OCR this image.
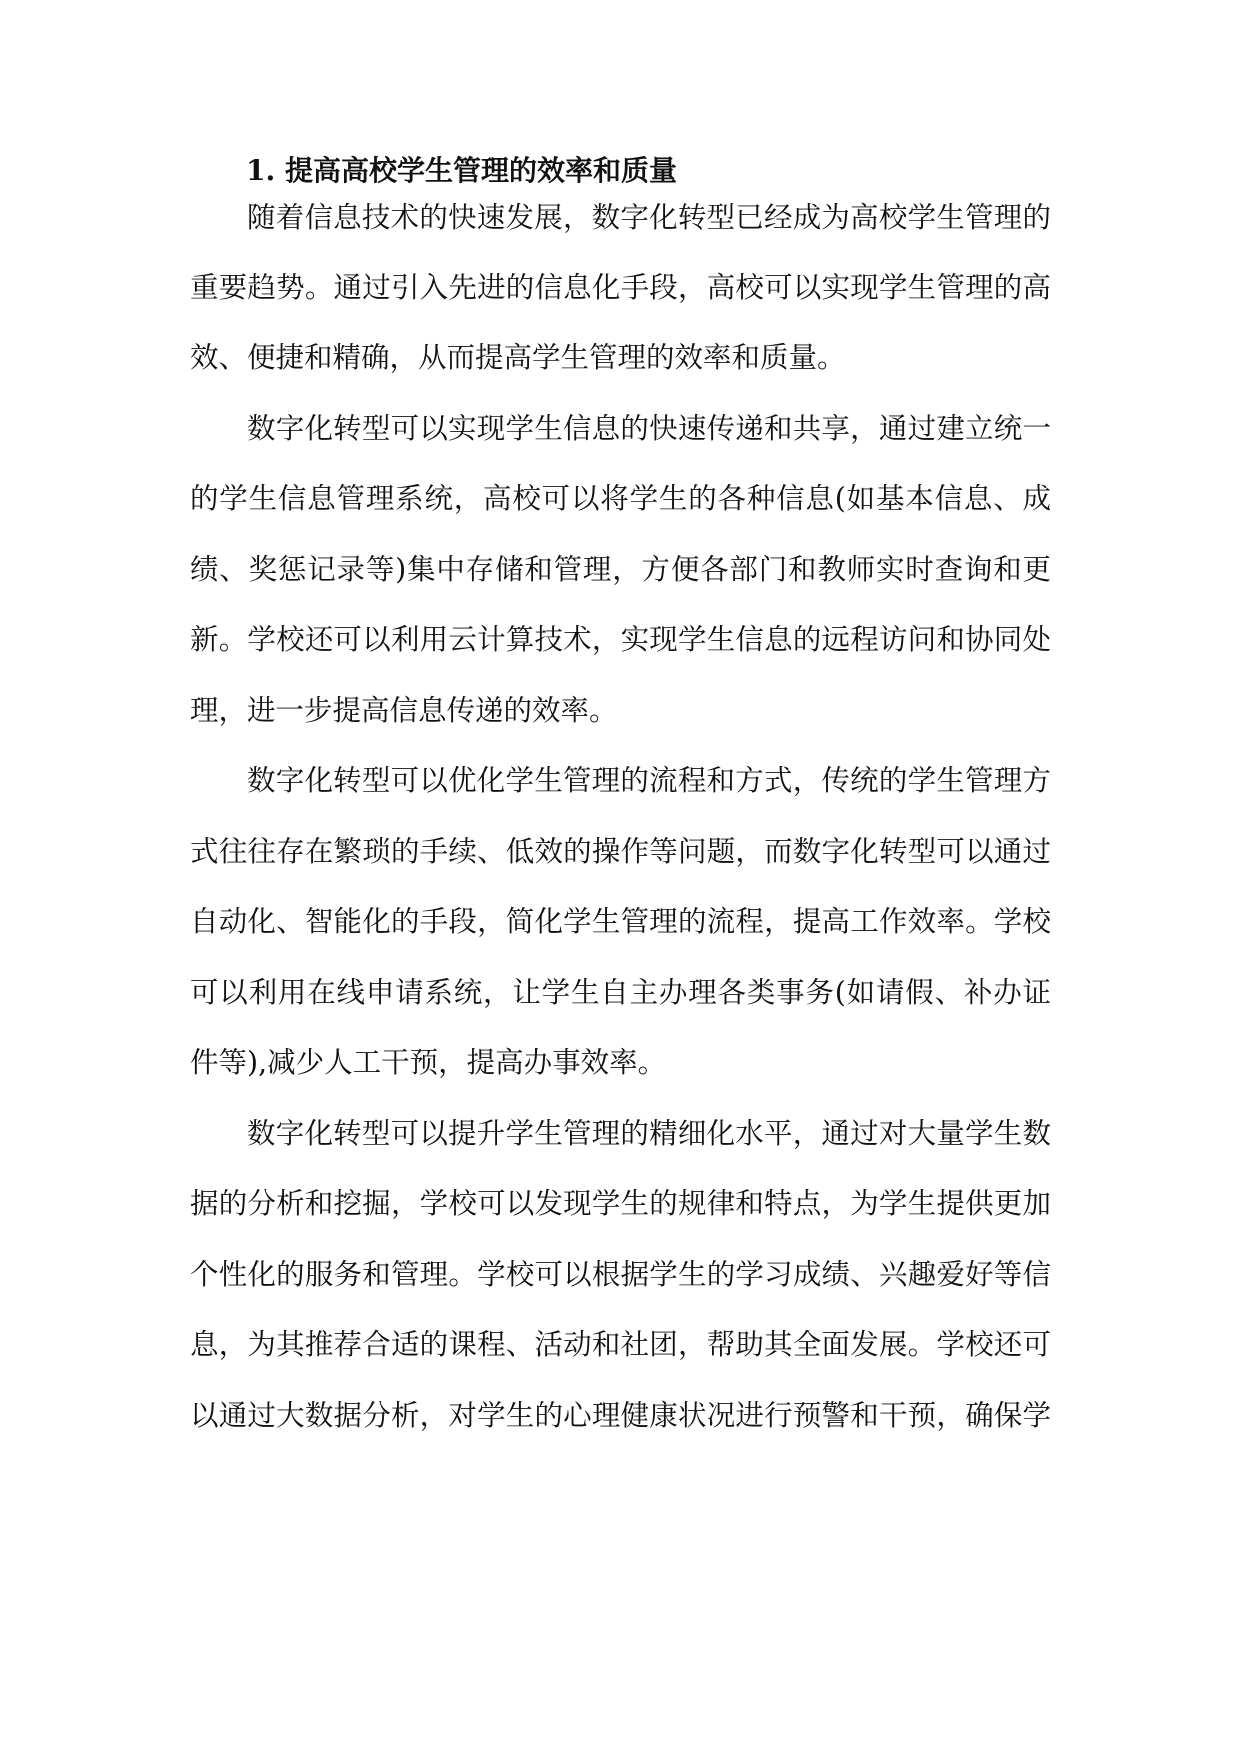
1. 提高高校学生管理的效率和质量
随着信息技术的快速发展，数字化转型已经成为高校学生管理的
重要趋势。通过引入先进的信息化手段，高校可以实现学生管理的高
效、便捷和精确，从而提高学生管理的效率和质量。
数字化转型可以实现学生信息的快速传递和共享，通过建立统一
的学生信息管理系统，高校可以将学生的各种信息(如基本信息、成
绩、奖惩记录等)集中存储和管理，方便各部门和教师实时查询和更
新。学校还可以利用云计算技术，实现学生信息的远程访问和协同处
理，进一步提高信息传递的效率。
数字化转型可以优化学生管理的流程和方式，传统的学生管理方
式往往存在繁琐的手续、低效的操作等问题，而数字化转型可以通过
自动化、智能化的手段，简化学生管理的流程，提高工作效率。学校
可以利用在线申请系统，让学生自主办理各类事务(如请假、补办证
件等),减少人工干预，提高办事效率。
数字化转型可以提升学生管理的精细化水平，通过对大量学生数
据的分析和挖掘，学校可以发现学生的规律和特点，为学生提供更加
个性化的服务和管理。学校可以根据学生的学习成绩、兴趣爱好等信
息，为其推荐合适的课程、活动和社团，帮助其全面发展。学校还可
以通过大数据分析，对学生的心理健康状况进行预警和干预，确保学
